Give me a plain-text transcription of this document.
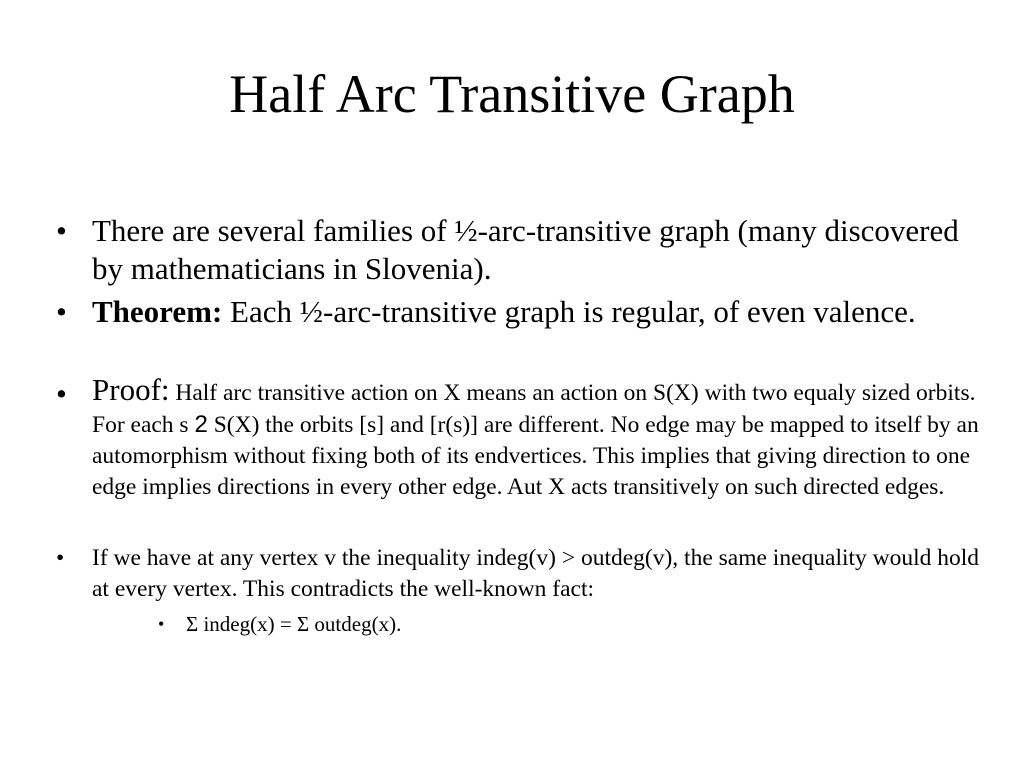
Half Arc Transitive Graph
• There are several families of ½-arc-transitive graph (many discovered by mathematicians in Slovenia).
• Theorem: Each ½-arc-transitive graph is regular, of even valence.
• Proof: Half arc transitive action on X means an action on S(X) with two equaly sized orbits. For each s 2 S(X) the orbits [s] and [r(s)] are different. No edge may be mapped to itself by an automorphism without fixing both of its endvertices. This implies that giving direction to one edge implies directions in every other edge. Aut X acts transitively on such directed edges.
• If we have at any vertex v the inequality indeg(v) > outdeg(v), the same inequality would hold at every vertex. This contradicts the well-known fact:
• Σ indeg(x) = Σ outdeg(x).
